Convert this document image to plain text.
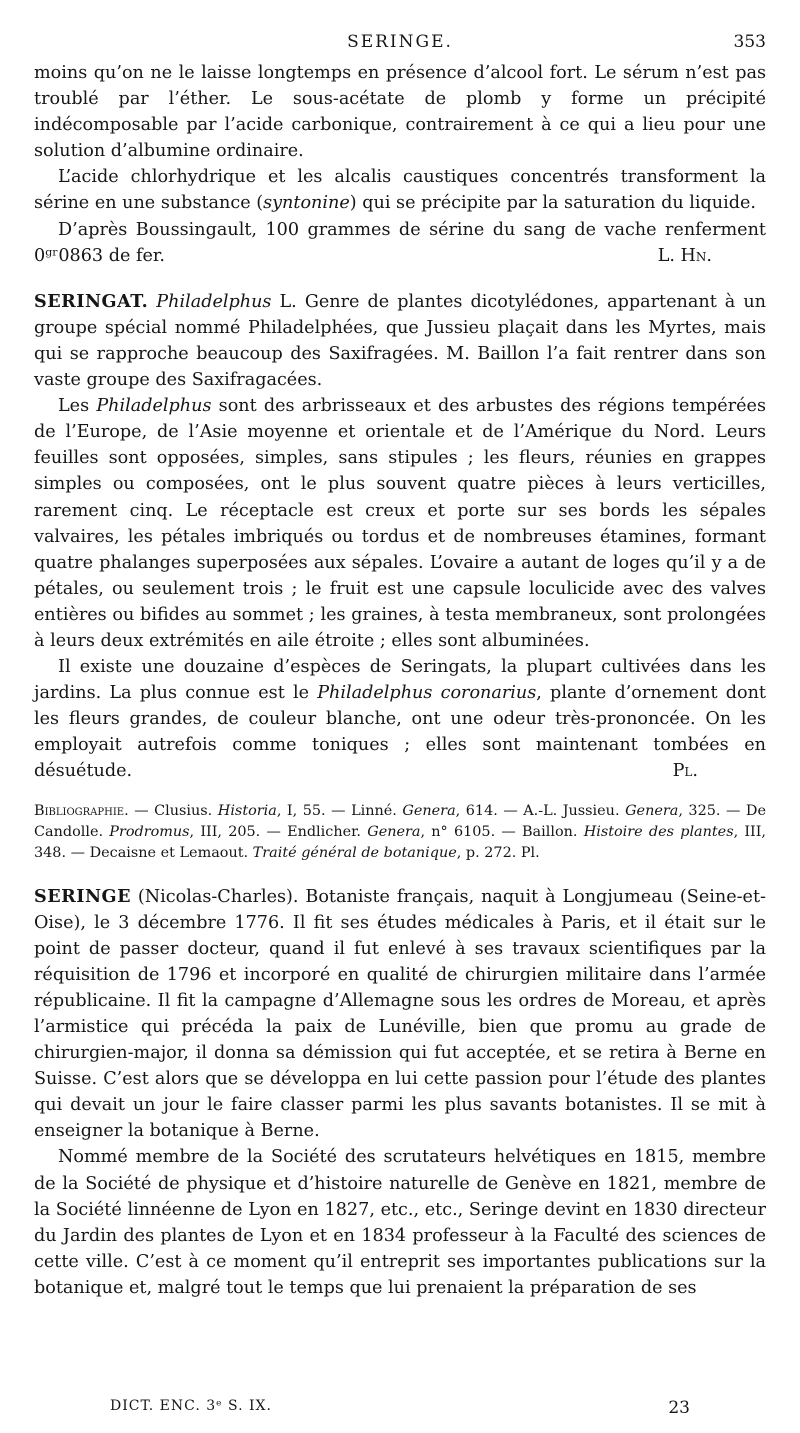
SERINGE.	353

moins qu’on ne le laisse longtemps en présence d’alcool fort. Le sérum n’est pas troublé par l’éther. Le sous-acétate de plomb y forme un précipité indécomposable par l’acide carbonique, contrairement à ce qui a lieu pour une solution d’albumine ordinaire.

L’acide chlorhydrique et les alcalis caustiques concentrés transforment la sérine en une substance (syntonine) qui se précipite par la saturation du liquide.

D’après Boussingault, 100 grammes de sérine du sang de vache renferment 0ᵍʳ0863 de fer.	L. Hn.

SERINGAT. Philadelphus L. Genre de plantes dicotylédones, appartenant à un groupe spécial nommé Philadelphées, que Jussieu plaçait dans les Myrtes, mais qui se rapproche beaucoup des Saxifragées. M. Baillon l’a fait rentrer dans son vaste groupe des Saxifragacées.

Les Philadelphus sont des arbrisseaux et des arbustes des régions tempérées de l’Europe, de l’Asie moyenne et orientale et de l’Amérique du Nord. Leurs feuilles sont opposées, simples, sans stipules ; les fleurs, réunies en grappes simples ou composées, ont le plus souvent quatre pièces à leurs verticilles, rarement cinq. Le réceptacle est creux et porte sur ses bords les sépales valvaires, les pétales imbriqués ou tordus et de nombreuses étamines, formant quatre phalanges superposées aux sépales. L’ovaire a autant de loges qu’il y a de pétales, ou seulement trois ; le fruit est une capsule loculicide avec des valves entières ou bifides au sommet ; les graines, à testa membraneux, sont prolongées à leurs deux extrémités en aile étroite ; elles sont albuminées.

Il existe une douzaine d’espèces de Seringats, la plupart cultivées dans les jardins. La plus connue est le Philadelphus coronarius, plante d’ornement dont les fleurs grandes, de couleur blanche, ont une odeur très-prononcée. On les employait autrefois comme toniques ; elles sont maintenant tombées en désuétude.	Pl.

Bibliographie. — Clusius. Historia, I, 55. — Linné. Genera, 614. — A.-L. Jussieu. Genera, 325. — De Candolle. Prodromus, III, 205. — Endlicher. Genera, n° 6105. — Baillon. Histoire des plantes, III, 348. — Decaisne et Lemaout. Traité général de botanique, p. 272. Pl.

SERINGE (Nicolas-Charles). Botaniste français, naquit à Longjumeau (Seine-et-Oise), le 3 décembre 1776. Il fit ses études médicales à Paris, et il était sur le point de passer docteur, quand il fut enlevé à ses travaux scientifiques par la réquisition de 1796 et incorporé en qualité de chirurgien militaire dans l’armée républicaine. Il fit la campagne d’Allemagne sous les ordres de Moreau, et après l’armistice qui précéda la paix de Lunéville, bien que promu au grade de chirurgien-major, il donna sa démission qui fut acceptée, et se retira à Berne en Suisse. C’est alors que se développa en lui cette passion pour l’étude des plantes qui devait un jour le faire classer parmi les plus savants botanistes. Il se mit à enseigner la botanique à Berne.

Nommé membre de la Société des scrutateurs helvétiques en 1815, membre de la Société de physique et d’histoire naturelle de Genève en 1821, membre de la Société linnéenne de Lyon en 1827, etc., etc., Seringe devint en 1830 directeur du Jardin des plantes de Lyon et en 1834 professeur à la Faculté des sciences de cette ville. C’est à ce moment qu’il entreprit ses importantes publications sur la botanique et, malgré tout le temps que lui prenaient la préparation de ses

DICT. ENC. 3ᵉ S. IX.	23
